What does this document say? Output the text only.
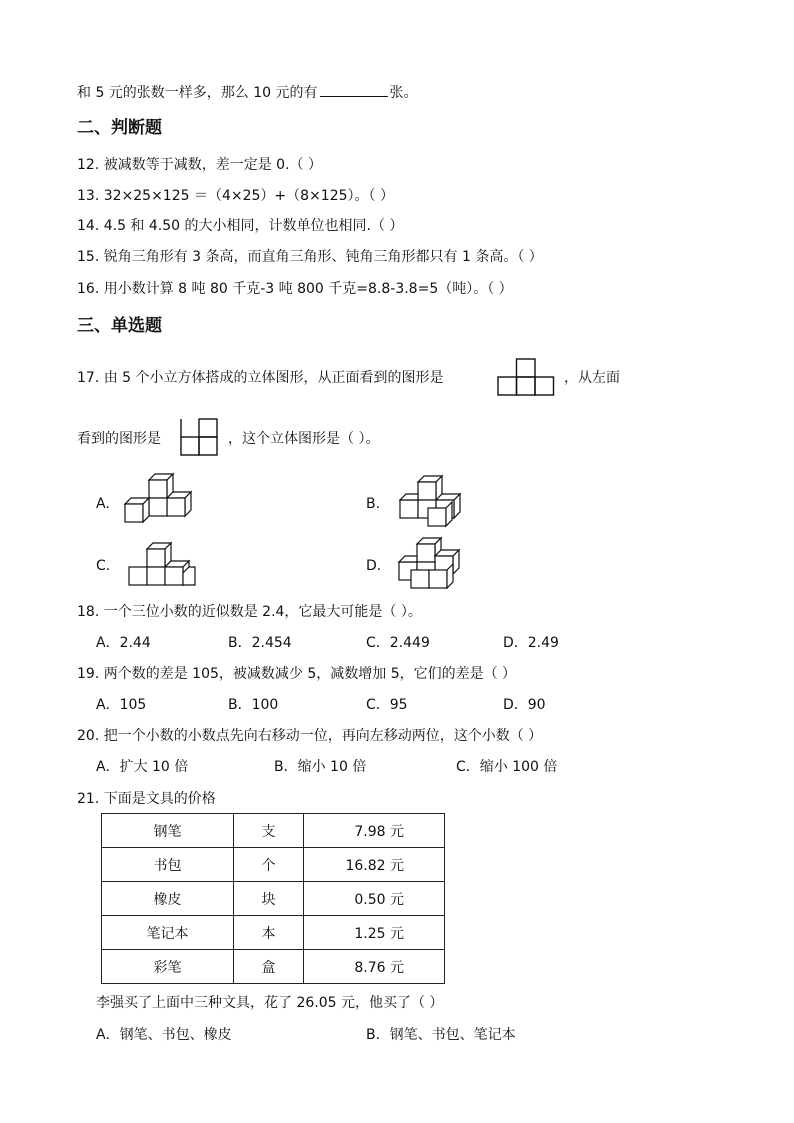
和 5 元的张数一样多，那么 10 元的有	张。
二、判断题
12. 被减数等于减数，差一定是 0.（ ）
13. 32×25×125 ＝（4×25）+（8×125）。（ ）
14. 4.5 和 4.50 的大小相同，计数单位也相同.（ ）
15. 锐角三角形有 3 条高，而直角三角形、钝角三角形都只有 1 条高。（ ）
16. 用小数计算 8 吨 80 千克-3 吨 800 千克=8.8-3.8=5（吨）。（ ）
三、单选题
17. 由 5 个小立方体搭成的立体图形，从正面看到的图形是	，从左面
看到的图形是	，这个立体图形是（ ）。
A.	B.
C.	D.
18. 一个三位小数的近似数是 2.4，它最大可能是（ ）。
A．2.44	B．2.454	C．2.449	D．2.49
19. 两个数的差是 105，被减数减少 5，减数增加 5，它们的差是（ ）
A．105	B．100	C．95	D．90
20. 把一个小数的小数点先向右移动一位，再向左移动两位，这个小数（ ）
A．扩大 10 倍	B．缩小 10 倍	C．缩小 100 倍
21. 下面是文具的价格
钢笔	支	7.98 元
书包	个	16.82 元
橡皮	块	0.50 元
笔记本	本	1.25 元
彩笔	盒	8.76 元
李强买了上面中三种文具，花了 26.05 元，他买了（ ）
A．钢笔、书包、橡皮	B．钢笔、书包、笔记本
